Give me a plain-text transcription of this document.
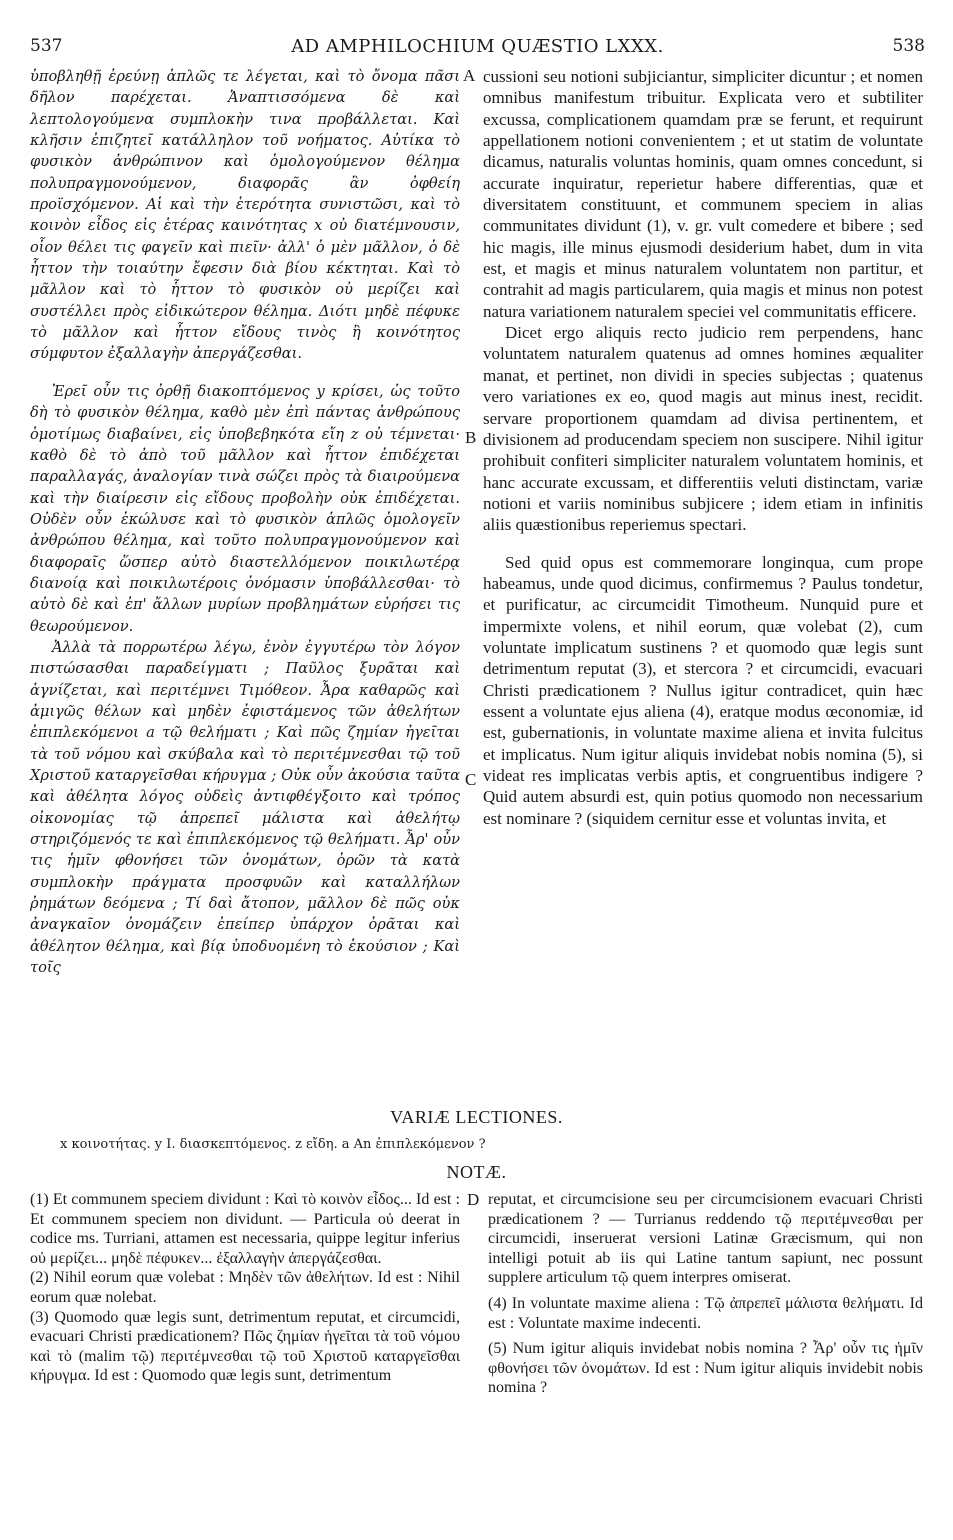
537	AD AMPHILOCHIUM QUÆSTIO LXXX.	538

ὑποβληθῇ ἐρεύνῃ ἁπλῶς τε λέγεται, καὶ τὸ ὄνομα πᾶσι δῆλον παρέχεται. Ἀναπτισσόμενα δὲ καὶ λεπτολογούμενα συμπλοκὴν τινα προβάλλεται. Καὶ κλῆσιν ἐπιζητεῖ κατάλληλον τοῦ νοήματος. Αὐτίκα τὸ φυσικὸν ἀνθρώπινον καὶ ὁμολογούμενον θέλημα πολυπραγμονούμενον, διαφορᾶς ἂν ὀφθείη προϊσχόμενον. Αἱ καὶ τὴν ἑτερότητα συνιστῶσι, καὶ τὸ κοινὸν εἶδος εἰς ἑτέρας καινότητας x οὐ διατέμνουσιν, οἷον θέλει τις φαγεῖν καὶ πιεῖν· ἀλλ' ὁ μὲν μᾶλλον, ὁ δὲ ἧττον τὴν τοιαύτην ἔφεσιν διὰ βίου κέκτηται. Καὶ τὸ μᾶλλον καὶ τὸ ἧττον τὸ φυσικὸν οὐ μερίζει καὶ συστέλλει πρὸς εἰδικώτερον θέλημα. Διότι μηδὲ πέφυκε τὸ μᾶλλον καὶ ἧττον εἴδους τινὸς ἢ κοινότητος σύμφυτον ἐξαλλαγὴν ἀπεργάζεσθαι.

Ἐρεῖ οὖν τις ὀρθῇ διακοπτόμενος y κρίσει, ὡς τοῦτο δὴ τὸ φυσικὸν θέλημα, καθὸ μὲν ἐπὶ πάντας ἀνθρώπους ὁμοτίμως διαβαίνει, εἰς ὑποβεβηκότα εἴη z οὐ τέμνεται· καθὸ δὲ τὸ ἀπὸ τοῦ μᾶλλον καὶ ἧττον ἐπιδέχεται παραλλαγάς, ἀναλογίαν τινὰ σώζει πρὸς τὰ διαιρούμενα καὶ τὴν διαίρεσιν εἰς εἴδους προβολὴν οὐκ ἐπιδέχεται. Οὐδὲν οὖν ἐκώλυσε καὶ τὸ φυσικὸν ἁπλῶς ὁμολογεῖν ἀνθρώπου θέλημα, καὶ τοῦτο πολυπραγμονούμενον καὶ διαφοραῖς ὥσπερ αὐτὸ διαστελλόμενον ποικιλωτέρᾳ διανοίᾳ καὶ ποικιλωτέροις ὀνόμασιν ὑποβάλλεσθαι· τὸ αὐτὸ δὲ καὶ ἐπ' ἄλλων μυρίων προβλημάτων εὑρήσει τις θεωρούμενον.

Ἀλλὰ τὰ πορρωτέρω λέγω, ἐνὸν ἐγγυτέρω τὸν λόγον πιστώσασθαι παραδείγματι ; Παῦλος ξυρᾶται καὶ ἁγνίζεται, καὶ περιτέμνει Τιμόθεον. Ἆρα καθαρῶς καὶ ἀμιγῶς θέλων καὶ μηδὲν ἐφιστάμενος τῶν ἀθελήτων ἐπιπλεκόμενοι a τῷ θελήματι ; Καὶ πῶς ζημίαν ἡγεῖται τὰ τοῦ νόμου καὶ σκύβαλα καὶ τὸ περιτέμνεσθαι τῷ τοῦ Χριστοῦ καταργεῖσθαι κήρυγμα ; Οὐκ οὖν ἀκούσια ταῦτα καὶ ἀθέλητα λόγος οὐδεὶς ἀντιφθέγξοιτο καὶ τρόπος οἰκονομίας τῷ ἀπρεπεῖ μάλιστα καὶ ἀθελήτῳ στηριζόμενός τε καὶ ἐπιπλεκόμενος τῷ θελήματι. Ἆρ' οὖν τις ἡμῖν φθονήσει τῶν ὀνομάτων, ὁρῶν τὰ κατὰ συμπλοκὴν πράγματα προσφυῶν καὶ καταλλήλων ῥημάτων δεόμενα ; Τί δαὶ ἄτοπον, μᾶλλον δὲ πῶς οὐκ ἀναγκαῖον ὀνομάζειν ἐπείπερ ὑπάρχον ὁρᾶται καὶ ἀθέλητον θέλημα, καὶ βίᾳ ὑποδυομένη τὸ ἑκούσιον ; Καὶ τοῖς

A
B
C
D

cussioni seu notioni subjiciantur, simpliciter dicuntur ; et nomen omnibus manifestum tribuitur. Explicata vero et subtiliter excussa, complicationem quamdam præ se ferunt, et requirunt appellationem notioni convenientem ; et ut statim de voluntate dicamus, naturalis voluntas hominis, quam omnes concedunt, si accurate inquiratur, reperietur habere differentias, quæ et diversitatem constituunt, et communem speciem in alias communitates dividunt (1), v. gr. vult comedere et bibere ; sed hic magis, ille minus ejusmodi desiderium habet, dum in vita est, et magis et minus naturalem voluntatem non partitur, et contrahit ad magis particularem, quia magis et minus non potest natura variationem naturalem speciei vel communitatis efficere.

Dicet ergo aliquis recto judicio rem perpendens, hanc voluntatem naturalem quatenus ad omnes homines æqualiter manat, et pertinet, non dividi in species subjectas ; quatenus vero variationes ex eo, quod magis aut minus inest, recidit. servare proportionem quamdam ad divisa pertinentem, et divisionem ad producendam speciem non suscipere. Nihil igitur prohibuit confiteri simpliciter naturalem voluntatem hominis, et hanc accurate excussam, et differentiis veluti distinctam, variæ notioni et variis nominibus subjicere ; idem etiam in infinitis aliis quæstionibus reperiemus spectari.

Sed quid opus est commemorare longinqua, cum prope habeamus, unde quod dicimus, confirmemus ? Paulus tondetur, et purificatur, ac circumcidit Timotheum. Nunquid pure et impermixte volens, et nihil eorum, quæ volebat (2), cum voluntate implicatum sustinens ? et quomodo quæ legis sunt detrimentum reputat (3), et stercora ? et circumcidi, evacuari Christi prædicationem ? Nullus igitur contradicet, quin hæc essent a voluntate ejus aliena (4), eratque modus œconomiæ, id est, gubernationis, in voluntate maxime aliena et invita fulcitus et implicatus. Num igitur aliquis invidebat nobis nomina (5), si videat res implicatas verbis aptis, et congruentibus indigere ? Quid autem absurdi est, quin potius quomodo non necessarium est nominare ? (siquidem cernitur esse et voluntas invita, et

VARIÆ LECTIONES.
x κοινοτήτας. y I. διασκεπτόμενος. z εἴδη. a An ἐπιπλεκόμενον ?
NOTÆ.

(1) Et communem speciem dividunt : Καὶ τὸ κοινὸν εἶδος... Id est : Et communem speciem non dividunt. — Particula οὐ deerat in codice ms. Turriani, attamen est necessaria, quippe legitur inferius οὐ μερίζει... μηδὲ πέφυκεν... ἐξαλλαγὴν ἀπεργάζεσθαι.

(2) Nihil eorum quæ volebat : Μηδὲν τῶν ἀθελήτων. Id est : Nihil eorum quæ nolebat.

(3) Quomodo quæ legis sunt, detrimentum reputat, et circumcidi, evacuari Christi prædicationem? Πῶς ζημίαν ἡγεῖται τὰ τοῦ νόμου καὶ τὸ (malim τῷ) περιτέμνεσθαι τῷ τοῦ Χριστοῦ καταργεῖσθαι κήρυγμα. Id est : Quomodo quæ legis sunt, detrimentum

reputat, et circumcisione seu per circumcisionem evacuari Christi prædicationem ? — Turrianus reddendo τῷ περιτέμνεσθαι per circumcidi, inseruerat versioni Latinæ Græcismum, qui non intelligi potuit ab iis qui Latine tantum sapiunt, nec possunt supplere articulum τῷ quem interpres omiserat.

(4) In voluntate maxime aliena : Τῷ ἀπρεπεῖ μάλιστα θελήματι. Id est : Voluntate maxime indecenti.

(5) Num igitur aliquis invidebat nobis nomina ? Ἆρ' οὖν τις ἡμῖν φθονήσει τῶν ὀνομάτων. Id est : Num igitur aliquis invidebit nobis nomina ?
